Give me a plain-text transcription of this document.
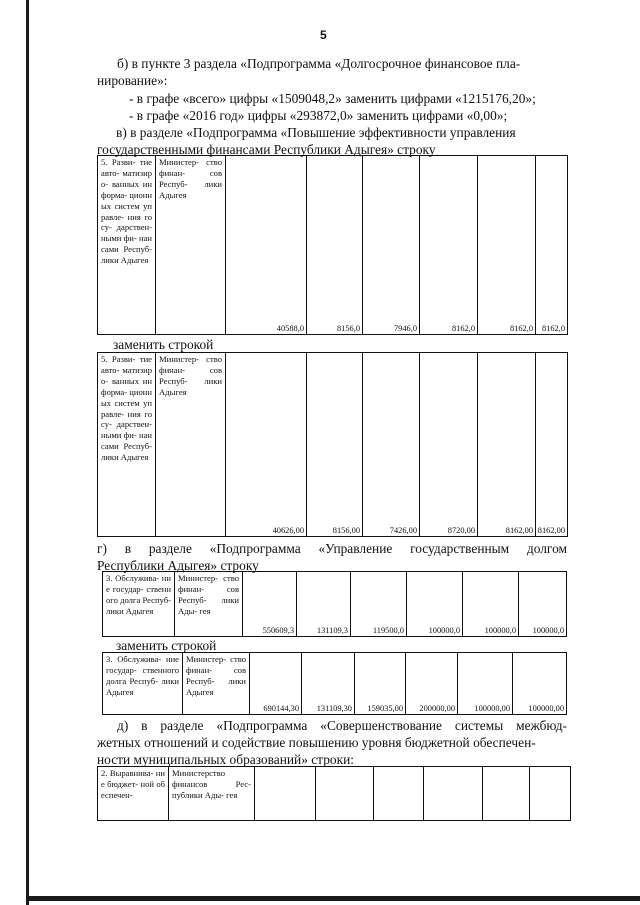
5
б) в пункте 3 раздела «Подпрограмма «Долгосрочное финансовое пла-
нирование»:
- в графе «всего» цифры «1509048,2» заменить цифрами «1215176,20»;
- в графе «2016 год» цифры «293872,0» заменить цифрами «0,00»;
в) в разделе «Подпрограмма «Повышение эффективности управления
государственными финансами Республики Адыгея» строку
5. Разви- тие авто- матизиро- ванных информа- ционных систем управле- ния госу- дарствен- ными фи- нансами Респуб- лики Адыгея	Министер- ство финан- сов Респуб- лики Адыгея	40588,0	8156,0	7946,0	8162,0	8162,0	8162,0
заменить строкой
5. Разви- тие авто- матизиро- ванных информа- ционных систем управле- ния госу- дарствен- ными фи- нансами Респуб- лики Адыгея	Министер- ство финан- сов Респуб- лики Адыгея	40626,00	8156,00	7426,00	8720,00	8162,00	8162,00
г) в разделе «Подпрограмма «Управление государственным долгом
Республики Адыгея» строку
3. Обслужива- ние государ- ственного долга Респуб- лики Адыгея	Министер- ство финан- сов Респуб- лики Ады- гея	550609,3	131109,3	119500,0	100000,0	100000,0	100000,0
заменить строкой
3. Обслужива- ние государ- ственного долга Респуб- лики Адыгея	Министер- ство финан- сов Респуб- лики Адыгея	690144,30	131109,30	159035,00	200000,00	100000,00	100000,00
д) в разделе «Подпрограмма «Совершенствование системы межбюд-
жетных отношений и содействие повышению уровня бюджетной обеспечен-
ности муниципальных образований» строки:
2. Выравнива- ние бюджет- ной обеспечен-	Министерство финансов Рес- публики Ады- гея						
